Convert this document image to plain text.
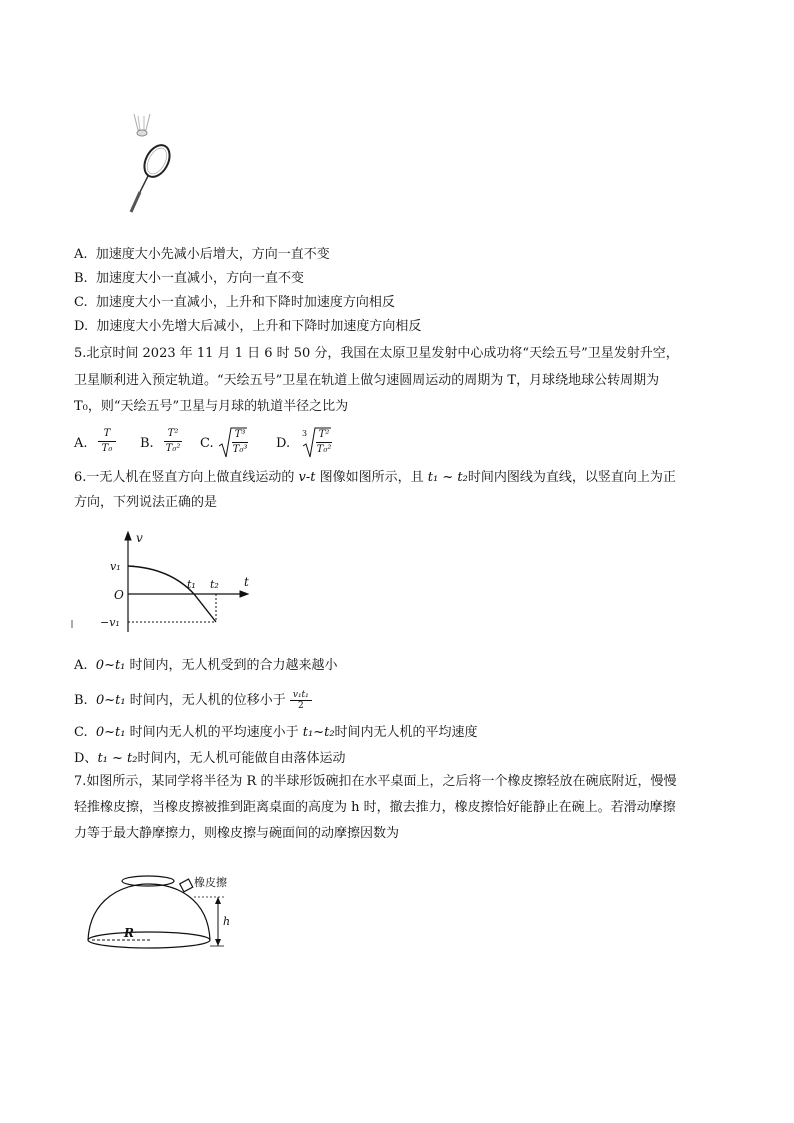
A. 加速度大小先减小后增大，方向一直不变
B. 加速度大小一直减小，方向一直不变
C. 加速度大小一直减小，上升和下降时加速度方向相反
D. 加速度大小先增大后减小，上升和下降时加速度方向相反
5.北京时间 2023 年 11 月 1 日 6 时 50 分，我国在太原卫星发射中心成功将“天绘五号”卫星发射升空，
卫星顺利进入预定轨道。“天绘五号”卫星在轨道上做匀速圆周运动的周期为 T，月球绕地球公转周期为
T₀，则“天绘五号”卫星与月球的轨道半径之比为
A.
T
T₀ B.
T²
T₀² C.
T³
T₀³ D.
3 T²
T₀²
6.一无人机在竖直方向上做直线运动的 v-t 图像如图所示，且 t₁ ~ t₂时间内图线为直线，以竖直向上为正
方向，下列说法正确的是
v
t
O
v₁
−v₁
t₁ t₂
A. 0~t₁ 时间内，无人机受到的合力越来越小
B. 0~t₁ 时间内，无人机的位移小于 $\frac{\text{v₁t₁}}{2}$
C. 0~t₁ 时间内无人机的平均速度小于 t₁~t₂时间内无人机的平均速度
D、t₁ ~ t₂时间内，无人机可能做自由落体运动
7.如图所示，某同学将半径为 R 的半球形饭碗扣在水平桌面上，之后将一个橡皮擦轻放在碗底附近，慢慢
轻推橡皮擦，当橡皮擦被推到距离桌面的高度为 h 时，撤去推力，橡皮擦恰好能静止在碗上。若滑动摩擦
力等于最大静摩擦力，则橡皮擦与碗面间的动摩擦因数为
橡皮擦
R
h
